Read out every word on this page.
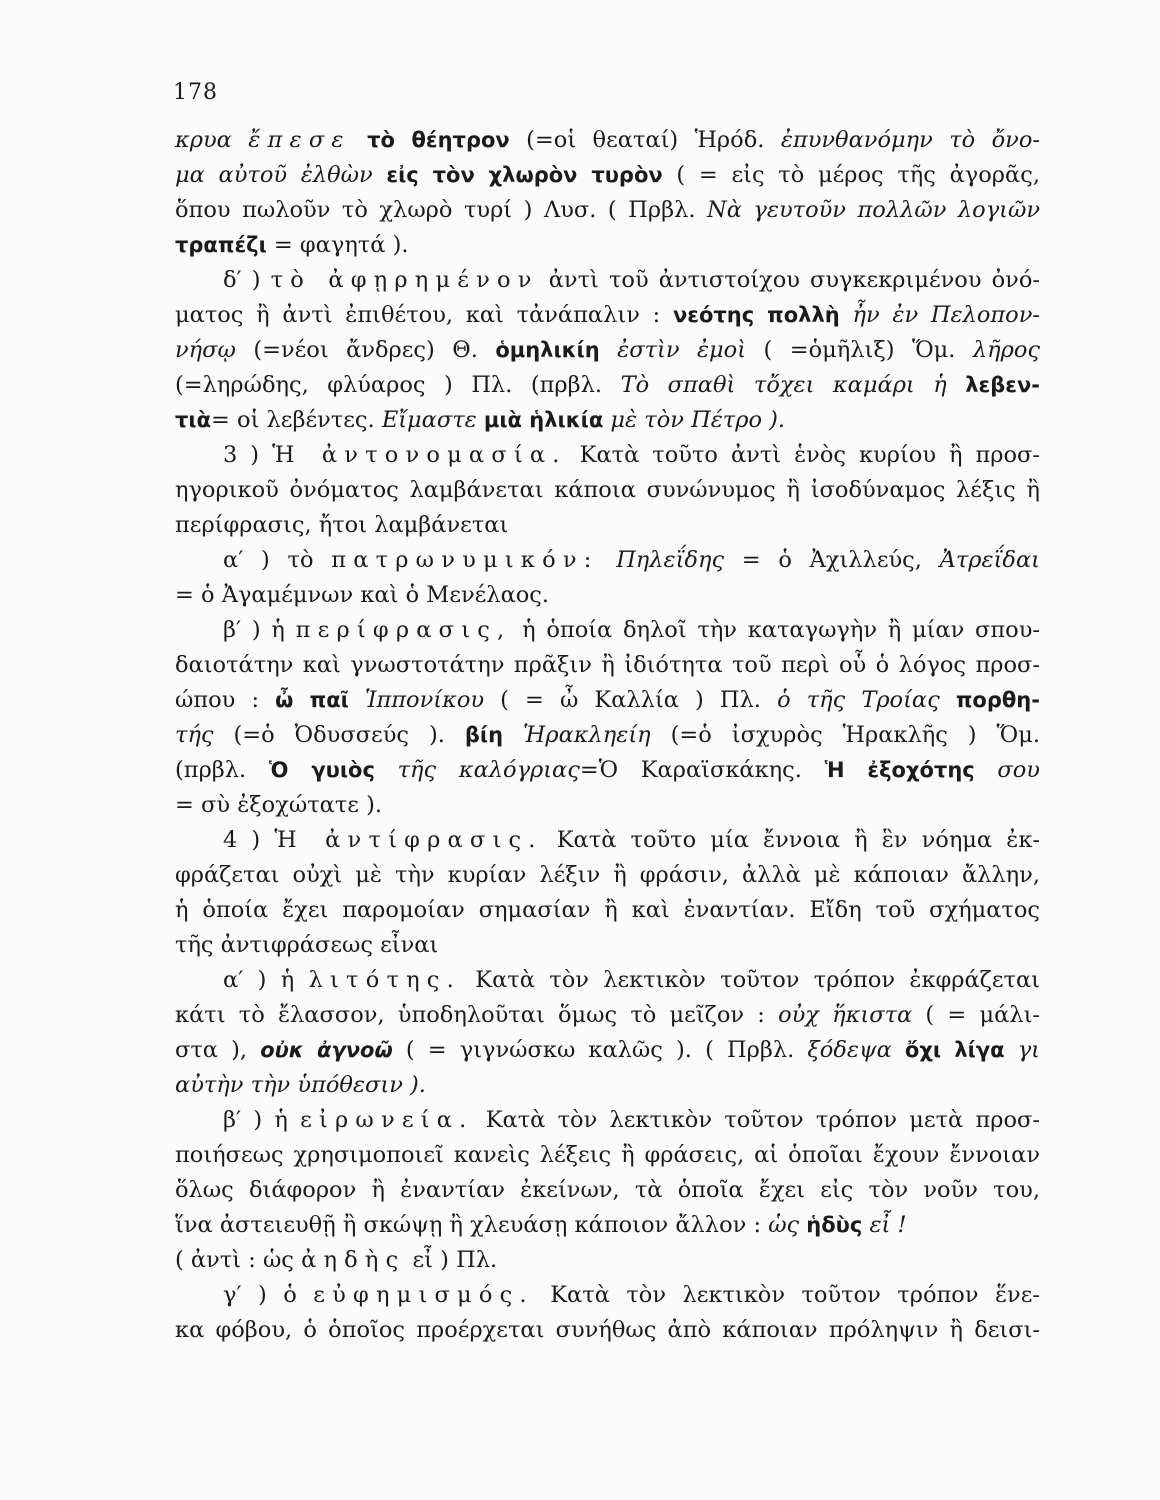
178
κρυα ἔπεσε τὸ θέητρον (=οἱ θεαταί) Ἡρόδ. ἐπυνθανόμην τὸ ὄνο-
μα αὐτοῦ ἐλθὼν εἰς τὸν χλωρὸν τυρὸν ( = εἰς τὸ μέρος τῆς ἀγορᾶς,
ὅπου πωλοῦν τὸ χλωρὸ τυρί ) Λυσ. ( Πρβλ. Νὰ γευτοῦν πολλῶν λογιῶν
τραπέζι = φαγητά ).
δ′ ) τὸ ἀφῃρημένον ἀντὶ τοῦ ἀντιστοίχου συγκεκριμένου ὀνό-
ματος ἢ ἀντὶ ἐπιθέτου, καὶ τἀνάπαλιν : νεότης πολλὴ ἦν ἐν Πελοπον-
νήσῳ (=νέοι ἄνδρες) Θ. ὁμηλικίη ἐστὶν ἐμοὶ ( =ὁμῆλιξ) Ὅμ. λῆρος
(=ληρώδης, φλύαρος ) Πλ. (πρβλ. Τὸ σπαθὶ τὄχει καμάρι ἡ λεβεν-
τιὰ= οἱ λεβέντες. Εἴμαστε μιὰ ἡλικία μὲ τὸν Πέτρο ).
3 ) Ἡ ἀντονομασία. Κατὰ τοῦτο ἀντὶ ἑνὸς κυρίου ἢ προσ-
ηγορικοῦ ὀνόματος λαμβάνεται κάποια συνώνυμος ἢ ἰσοδύναμος λέξις ἢ
περίφρασις, ἤτοι λαμβάνεται
α′ ) τὸ πατρωνυμικόν: Πηλεΐδης = ὁ Ἀχιλλεύς, Ἀτρεΐδαι
= ὁ Ἀγαμέμνων καὶ ὁ Μενέλαος.
β′ ) ἡ περίφρασις, ἡ ὁποία δηλοῖ τὴν καταγωγὴν ἢ μίαν σπου-
δαιοτάτην καὶ γνωστοτάτην πρᾶξιν ἢ ἰδιότητα τοῦ περὶ οὗ ὁ λόγος προσ-
ώπου : ὦ παῖ Ἱππονίκου ( = ὦ Καλλία ) Πλ. ὁ τῆς Τροίας πορθη-
τής (=ὁ Ὀδυσσεύς ). βίη Ἡρακληείη (=ὁ ἰσχυρὸς Ἡρακλῆς ) Ὅμ.
(πρβλ. Ὁ γυιὸς τῆς καλόγριας=Ὁ Καραϊσκάκης. Ἡ ἐξοχότης σου
= σὺ ἐξοχώτατε ).
4 ) Ἡ ἀντίφρασις. Κατὰ τοῦτο μία ἔννοια ἢ ἓν νόημα ἐκ-
φράζεται οὐχὶ μὲ τὴν κυρίαν λέξιν ἢ φράσιν, ἀλλὰ μὲ κάποιαν ἄλλην,
ἡ ὁποία ἔχει παρομοίαν σημασίαν ἢ καὶ ἐναντίαν. Εἴδη τοῦ σχήματος
τῆς ἀντιφράσεως εἶναι
α′ ) ἡ λιτότης. Κατὰ τὸν λεκτικὸν τοῦτον τρόπον ἐκφράζεται
κάτι τὸ ἔλασσον, ὑποδηλοῦται ὅμως τὸ μεῖζον : οὐχ ἥκιστα ( = μάλι-
στα ), οὐκ ἀγνοῶ ( = γιγνώσκω καλῶς ). ( Πρβλ. ξόδεψα ὄχι λίγα γι
αὐτὴν τὴν ὑπόθεσιν ).
β′ ) ἡ εἰρωνεία. Κατὰ τὸν λεκτικὸν τοῦτον τρόπον μετὰ προσ-
ποιήσεως χρησιμοποιεῖ κανεὶς λέξεις ἢ φράσεις, αἱ ὁποῖαι ἔχουν ἔννοιαν
ὅλως διάφορον ἢ ἐναντίαν ἐκείνων, τὰ ὁποῖα ἔχει εἰς τὸν νοῦν του,
ἵνα ἀστειευθῇ ἢ σκώψῃ ἢ χλευάσῃ κάποιον ἄλλον : ὡς ἡδὺς εἶ !
( ἀντὶ : ὡς ἀηδὴς εἶ ) Πλ.
γ′ ) ὁ εὐφημισμός. Κατὰ τὸν λεκτικὸν τοῦτον τρόπον ἕνε-
κα φόβου, ὁ ὁποῖος προέρχεται συνήθως ἀπὸ κάποιαν πρόληψιν ἢ δεισι-
